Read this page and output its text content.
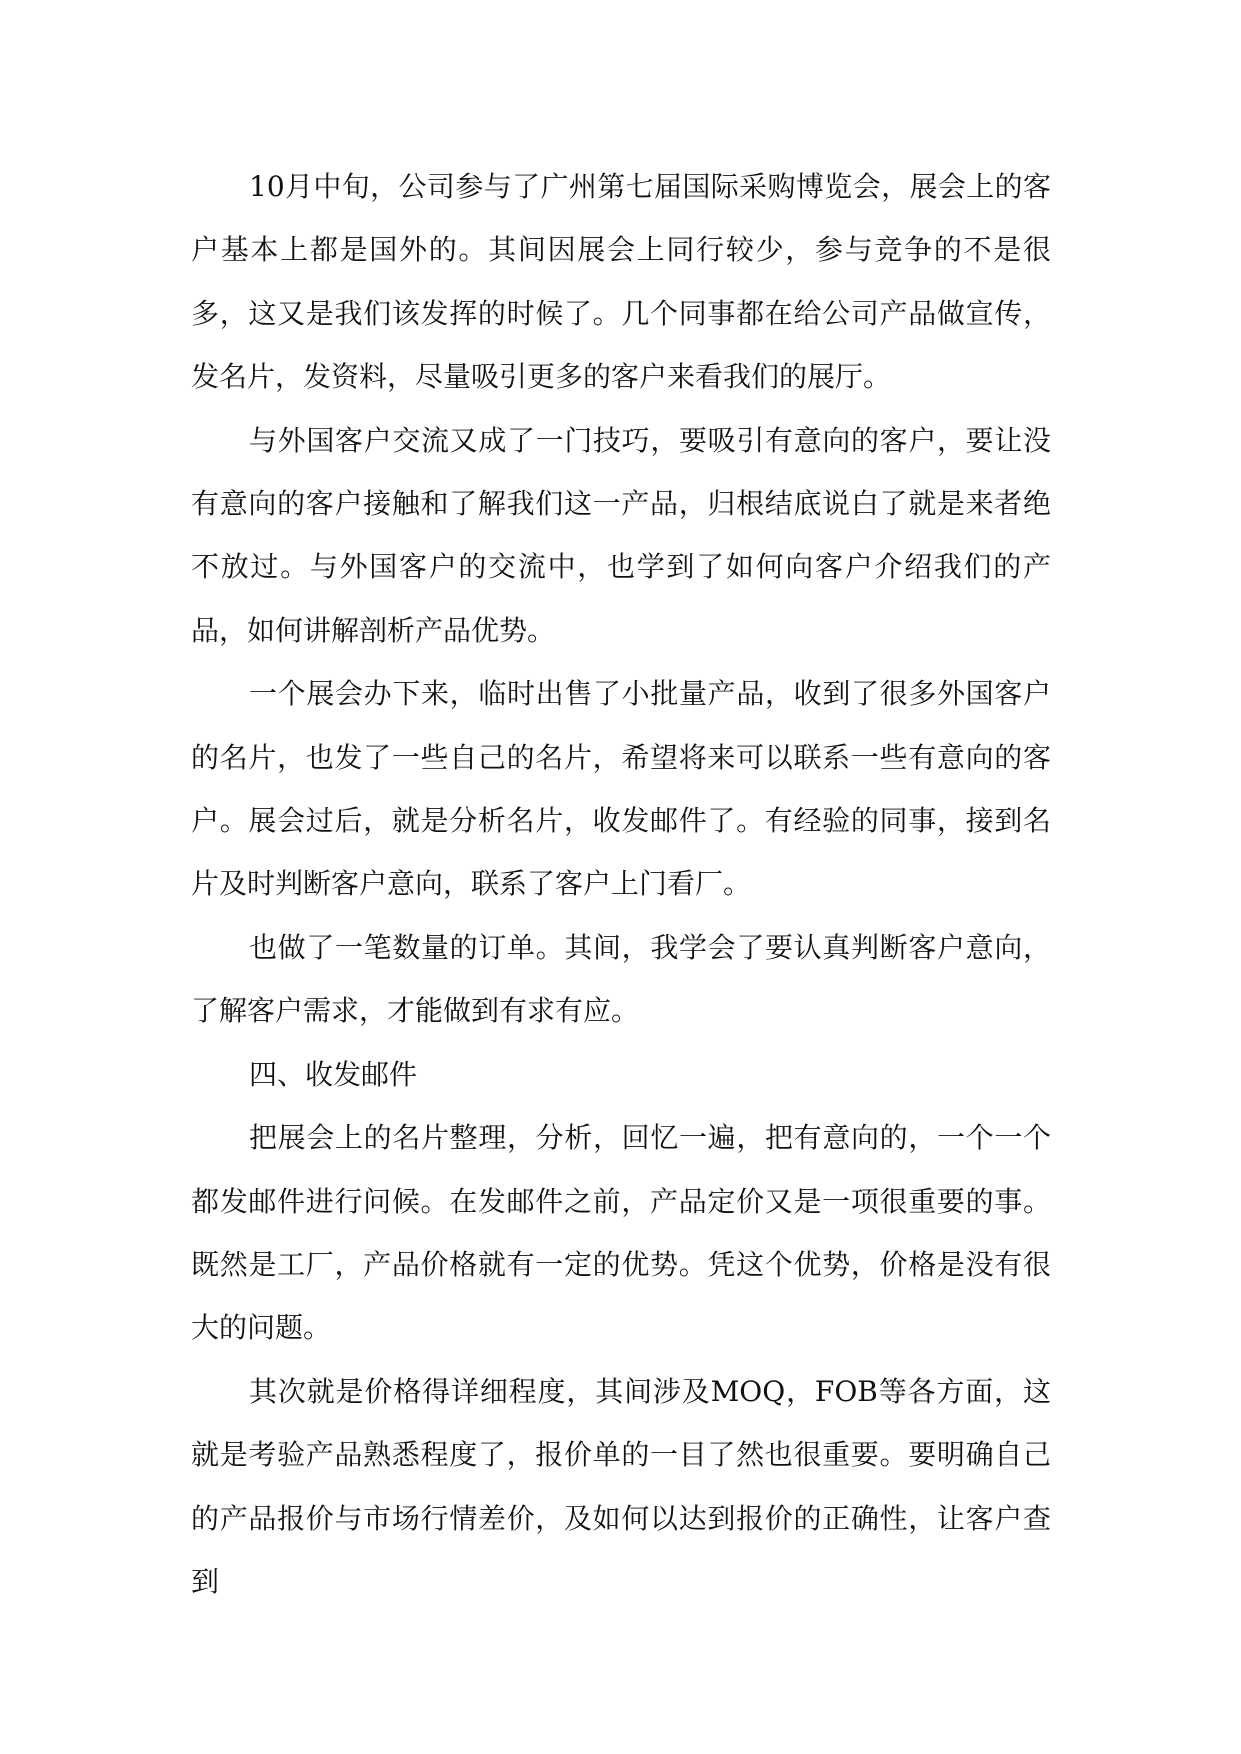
10月中旬，公司参与了广州第七届国际采购博览会，展会上的客户基本上都是国外的。其间因展会上同行较少，参与竞争的不是很多，这又是我们该发挥的时候了。几个同事都在给公司产品做宣传，发名片，发资料，尽量吸引更多的客户来看我们的展厅。

与外国客户交流又成了一门技巧，要吸引有意向的客户，要让没有意向的客户接触和了解我们这一产品，归根结底说白了就是来者绝不放过。与外国客户的交流中，也学到了如何向客户介绍我们的产品，如何讲解剖析产品优势。

一个展会办下来，临时出售了小批量产品，收到了很多外国客户的名片，也发了一些自己的名片，希望将来可以联系一些有意向的客户。展会过后，就是分析名片，收发邮件了。有经验的同事，接到名片及时判断客户意向，联系了客户上门看厂。

也做了一笔数量的订单。其间，我学会了要认真判断客户意向，了解客户需求，才能做到有求有应。

四、收发邮件

把展会上的名片整理，分析，回忆一遍，把有意向的，一个一个都发邮件进行问候。在发邮件之前，产品定价又是一项很重要的事。既然是工厂，产品价格就有一定的优势。凭这个优势，价格是没有很大的问题。

其次就是价格得详细程度，其间涉及MOQ，FOB等各方面，这就是考验产品熟悉程度了，报价单的一目了然也很重要。要明确自己的产品报价与市场行情差价，及如何以达到报价的正确性，让客户查到
